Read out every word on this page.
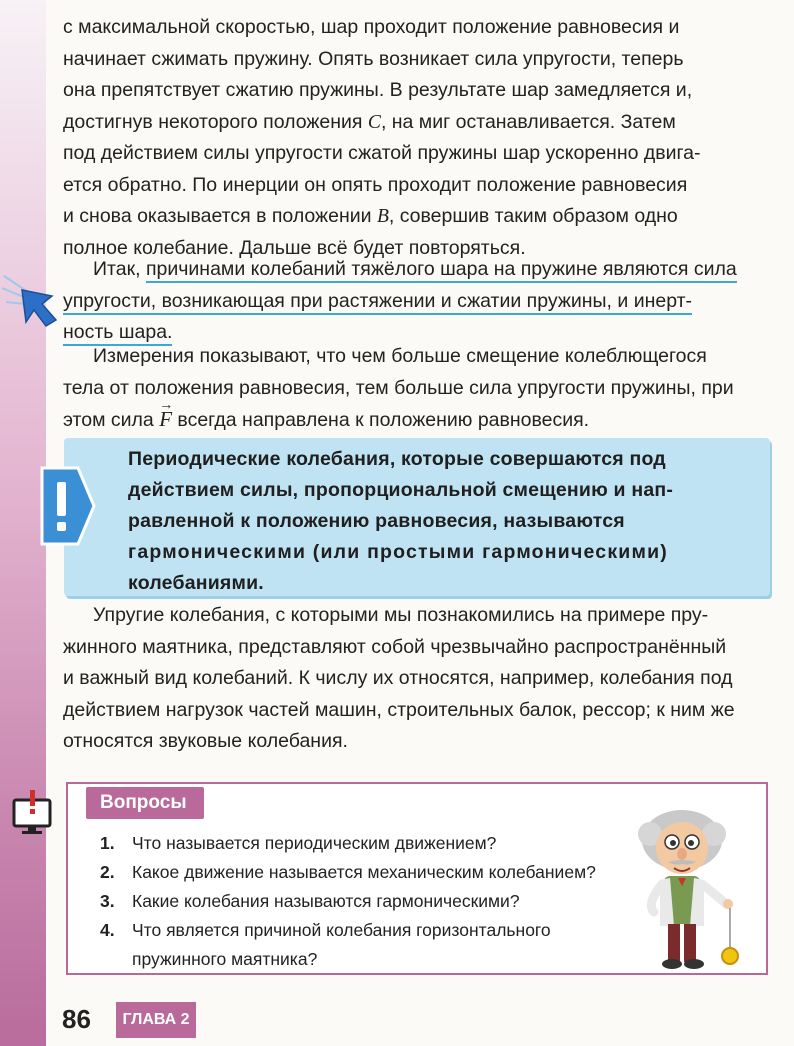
с максимальной скоростью, шар проходит положение равновесия и

начинает сжимать пружину. Опять возникает сила упругости, теперь

она препятствует сжатию пружины. В результате шар замедляется и,

достигнув некоторого положения C, на миг останавливается. Затем

под действием силы упругости сжатой пружины шар ускоренно двига-

ется обратно. По инерции он опять проходит положение равновесия

и снова оказывается в положении B, совершив таким образом одно

полное колебание. Дальше всё будет повторяться.

Итак, причинами колебаний тяжёлого шара на пружине являются сила

упругости, возникающая при растяжении и сжатии пружины, и инерт-

ность шара.

Измерения показывают, что чем больше смещение колеблющегося

тела от положения равновесия, тем больше сила упругости пружины, при

этом сила → F всегда направлена к положению равновесия.

Периодические колебания, которые совершаются под

действием силы, пропорциональной смещению и нап-

равленной к положению равновесия, называются

гармоническими (или простыми гармоническими)

колебаниями.

Упругие колебания, с которыми мы познакомились на примере пру-

жинного маятника, представляют собой чрезвычайно распространённый

и важный вид колебаний. К числу их относятся, например, колебания под

действием нагрузок частей машин, строительных балок, рессор; к ним же

относятся звуковые колебания.

Вопросы
1. Что называется периодическим движением?
2. Какое движение называется механическим колебанием?
3. Какие колебания называются гармоническими?
4. Что является причиной колебания горизонтального
пружинного маятника?
86	ГЛАВА 2
